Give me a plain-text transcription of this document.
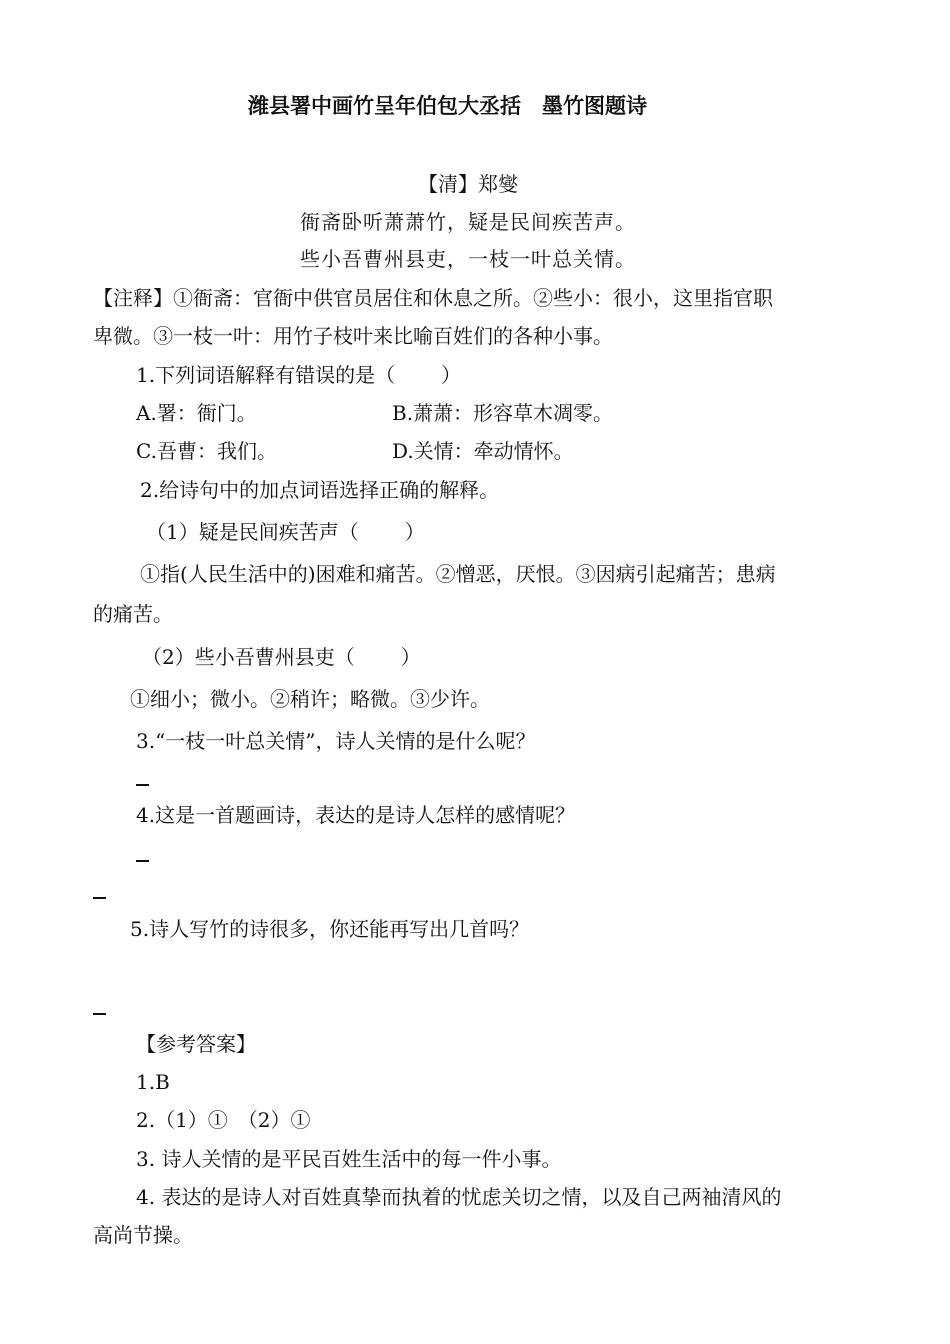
潍县署中画竹呈年伯包大丞括　墨竹图题诗
【清】郑燮
衙斋卧听萧萧竹，疑是民间疾苦声。
些小吾曹州县吏，一枝一叶总关情。
【注释】①衙斋：官衙中供官员居住和休息之所。②些小：很小，这里指官职
卑微。③一枝一叶：用竹子枝叶来比喻百姓们的各种小事。
1.下列词语解释有错误的是（ ）
A.署：衙门。	B.萧萧：形容草木凋零。
C.吾曹：我们。	D.关情：牵动情怀。
2.给诗句中的加点词语选择正确的解释。
（1）疑是民间疾苦声（ ）
①指(人民生活中的)困难和痛苦。②憎恶，厌恨。③因病引起痛苦；患病
的痛苦。
（2）些小吾曹州县吏（ ）
①细小；微小。②稍许；略微。③少许。
3.“一枝一叶总关情”，诗人关情的是什么呢？
4.这是一首题画诗，表达的是诗人怎样的感情呢？
5.诗人写竹的诗很多，你还能再写出几首吗？
【参考答案】
1.B
2.（1）①　（2）①
3. 诗人关情的是平民百姓生活中的每一件小事。
4. 表达的是诗人对百姓真挚而执着的忧虑关切之情，以及自己两袖清风的
高尚节操。
